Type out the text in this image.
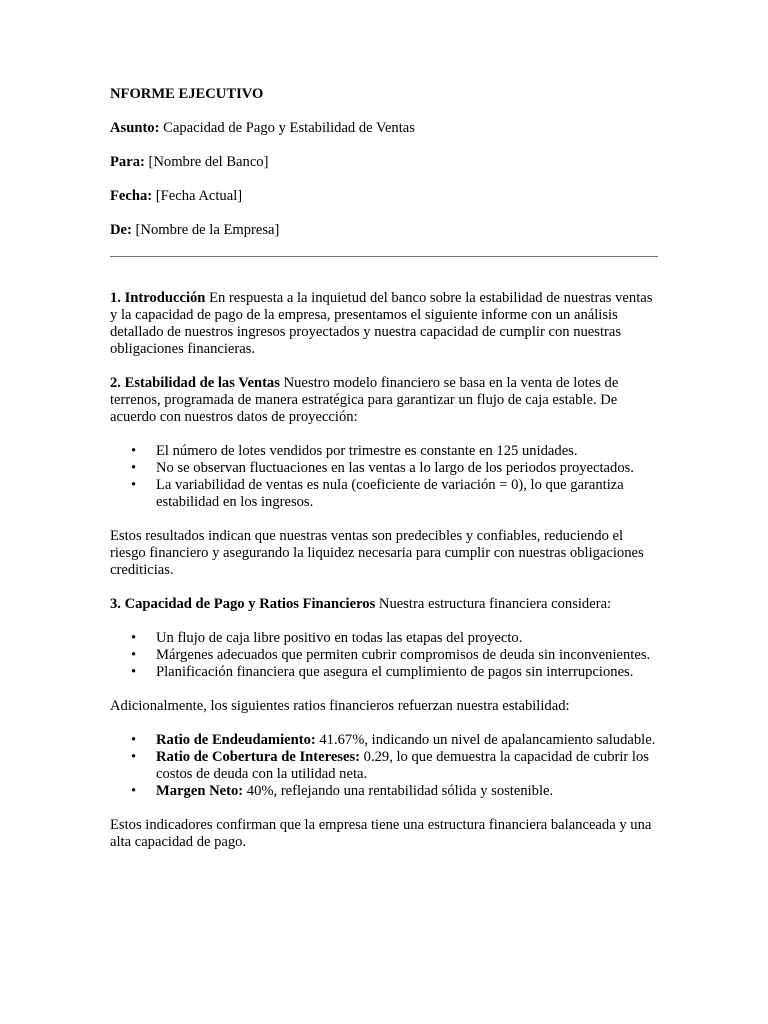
NFORME EJECUTIVO

Asunto: Capacidad de Pago y Estabilidad de Ventas

Para: [Nombre del Banco]

Fecha: [Fecha Actual]

De: [Nombre de la Empresa]

1. Introducción En respuesta a la inquietud del banco sobre la estabilidad de nuestras ventas y la capacidad de pago de la empresa, presentamos el siguiente informe con un análisis detallado de nuestros ingresos proyectados y nuestra capacidad de cumplir con nuestras obligaciones financieras.

2. Estabilidad de las Ventas Nuestro modelo financiero se basa en la venta de lotes de terrenos, programada de manera estratégica para garantizar un flujo de caja estable. De acuerdo con nuestros datos de proyección:

• El número de lotes vendidos por trimestre es constante en 125 unidades.
• No se observan fluctuaciones en las ventas a lo largo de los periodos proyectados.
• La variabilidad de ventas es nula (coeficiente de variación = 0), lo que garantiza estabilidad en los ingresos.

Estos resultados indican que nuestras ventas son predecibles y confiables, reduciendo el riesgo financiero y asegurando la liquidez necesaria para cumplir con nuestras obligaciones crediticias.

3. Capacidad de Pago y Ratios Financieros Nuestra estructura financiera considera:

• Un flujo de caja libre positivo en todas las etapas del proyecto.
• Márgenes adecuados que permiten cubrir compromisos de deuda sin inconvenientes.
• Planificación financiera que asegura el cumplimiento de pagos sin interrupciones.

Adicionalmente, los siguientes ratios financieros refuerzan nuestra estabilidad:

• Ratio de Endeudamiento: 41.67%, indicando un nivel de apalancamiento saludable.
• Ratio de Cobertura de Intereses: 0.29, lo que demuestra la capacidad de cubrir los costos de deuda con la utilidad neta.
• Margen Neto: 40%, reflejando una rentabilidad sólida y sostenible.

Estos indicadores confirman que la empresa tiene una estructura financiera balanceada y una alta capacidad de pago.
